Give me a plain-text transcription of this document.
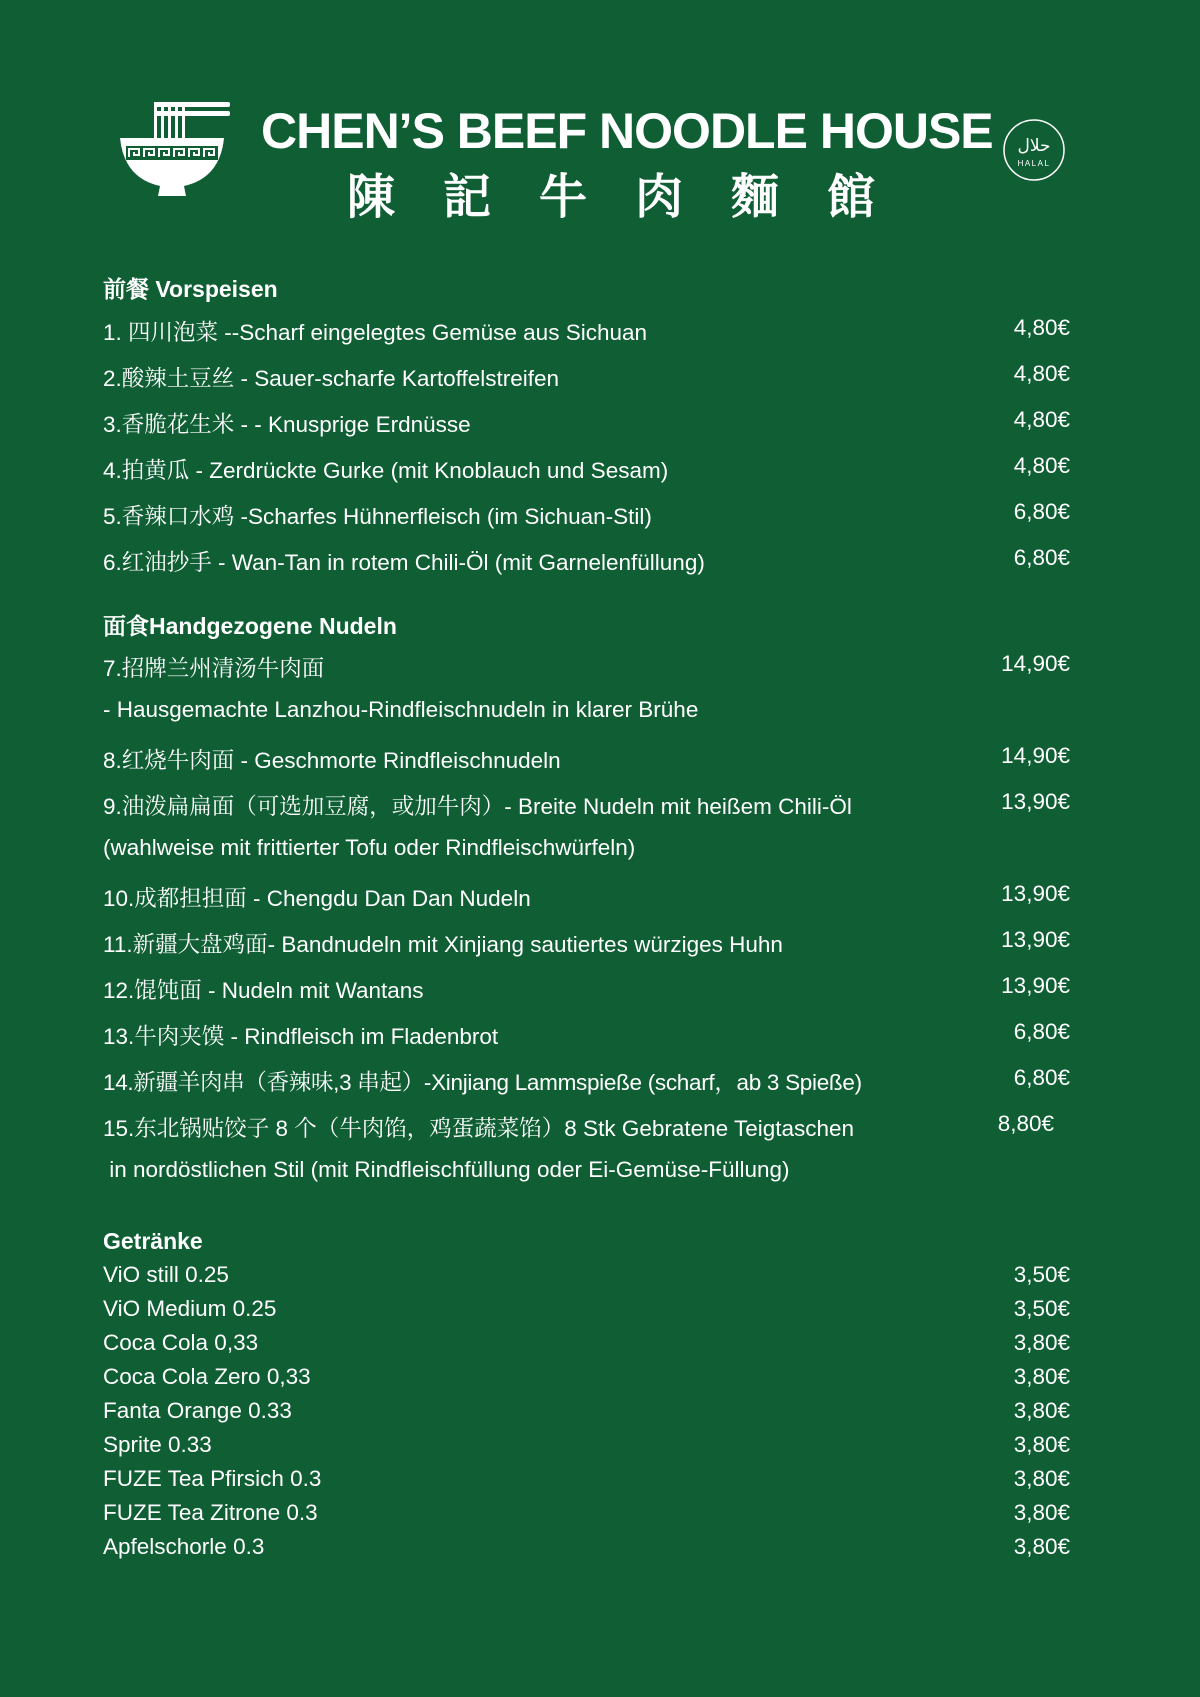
CHEN’S BEEF NOODLE HOUSE
陳記牛肉麵館
حلال
HALAL
前餐 Vorspeisen
1. 四川泡菜 --Scharf eingelegtes Gemüse aus Sichuan	4,80€
2.酸辣土豆丝 - Sauer-scharfe Kartoffelstreifen	4,80€
3.香脆花生米 - - Knusprige Erdnüsse	4,80€
4.拍黄瓜 - Zerdrückte Gurke (mit Knoblauch und Sesam)	4,80€
5.香辣口水鸡 -Scharfes Hühnerfleisch (im Sichuan-Stil)	6,80€
6.红油抄手 - Wan-Tan in rotem Chili-Öl (mit Garnelenfüllung)	6,80€
面食Handgezogene Nudeln
7.招牌兰州清汤牛肉面	14,90€
- Hausgemachte Lanzhou-Rindfleischnudeln in klarer Brühe
8.红烧牛肉面 - Geschmorte Rindfleischnudeln	14,90€
9.油泼扁扁面（可选加豆腐，或加牛肉）- Breite Nudeln mit heißem Chili-Öl	13,90€
(wahlweise mit frittierter Tofu oder Rindfleischwürfeln)
10.成都担担面 - Chengdu Dan Dan Nudeln	13,90€
11.新疆大盘鸡面- Bandnudeln mit Xinjiang sautiertes würziges Huhn	13,90€
12.馄饨面 - Nudeln mit Wantans	13,90€
13.牛肉夹馍 - Rindfleisch im Fladenbrot	6,80€
14.新疆羊肉串（香辣味,3 串起）-Xinjiang Lammspieße (scharf，ab 3 Spieße)	6,80€
15.东北锅贴饺子 8 个（牛肉馅，鸡蛋蔬菜馅）8 Stk Gebratene Teigtaschen	8,80€
in nordöstlichen Stil (mit Rindfleischfüllung oder Ei-Gemüse-Füllung)
Getränke
ViO still 0.25	3,50€
ViO Medium 0.25	3,50€
Coca Cola 0,33	3,80€
Coca Cola Zero 0,33	3,80€
Fanta Orange 0.33	3,80€
Sprite 0.33	3,80€
FUZE Tea Pfirsich 0.3	3,80€
FUZE Tea Zitrone 0.3	3,80€
Apfelschorle 0.3	3,80€
